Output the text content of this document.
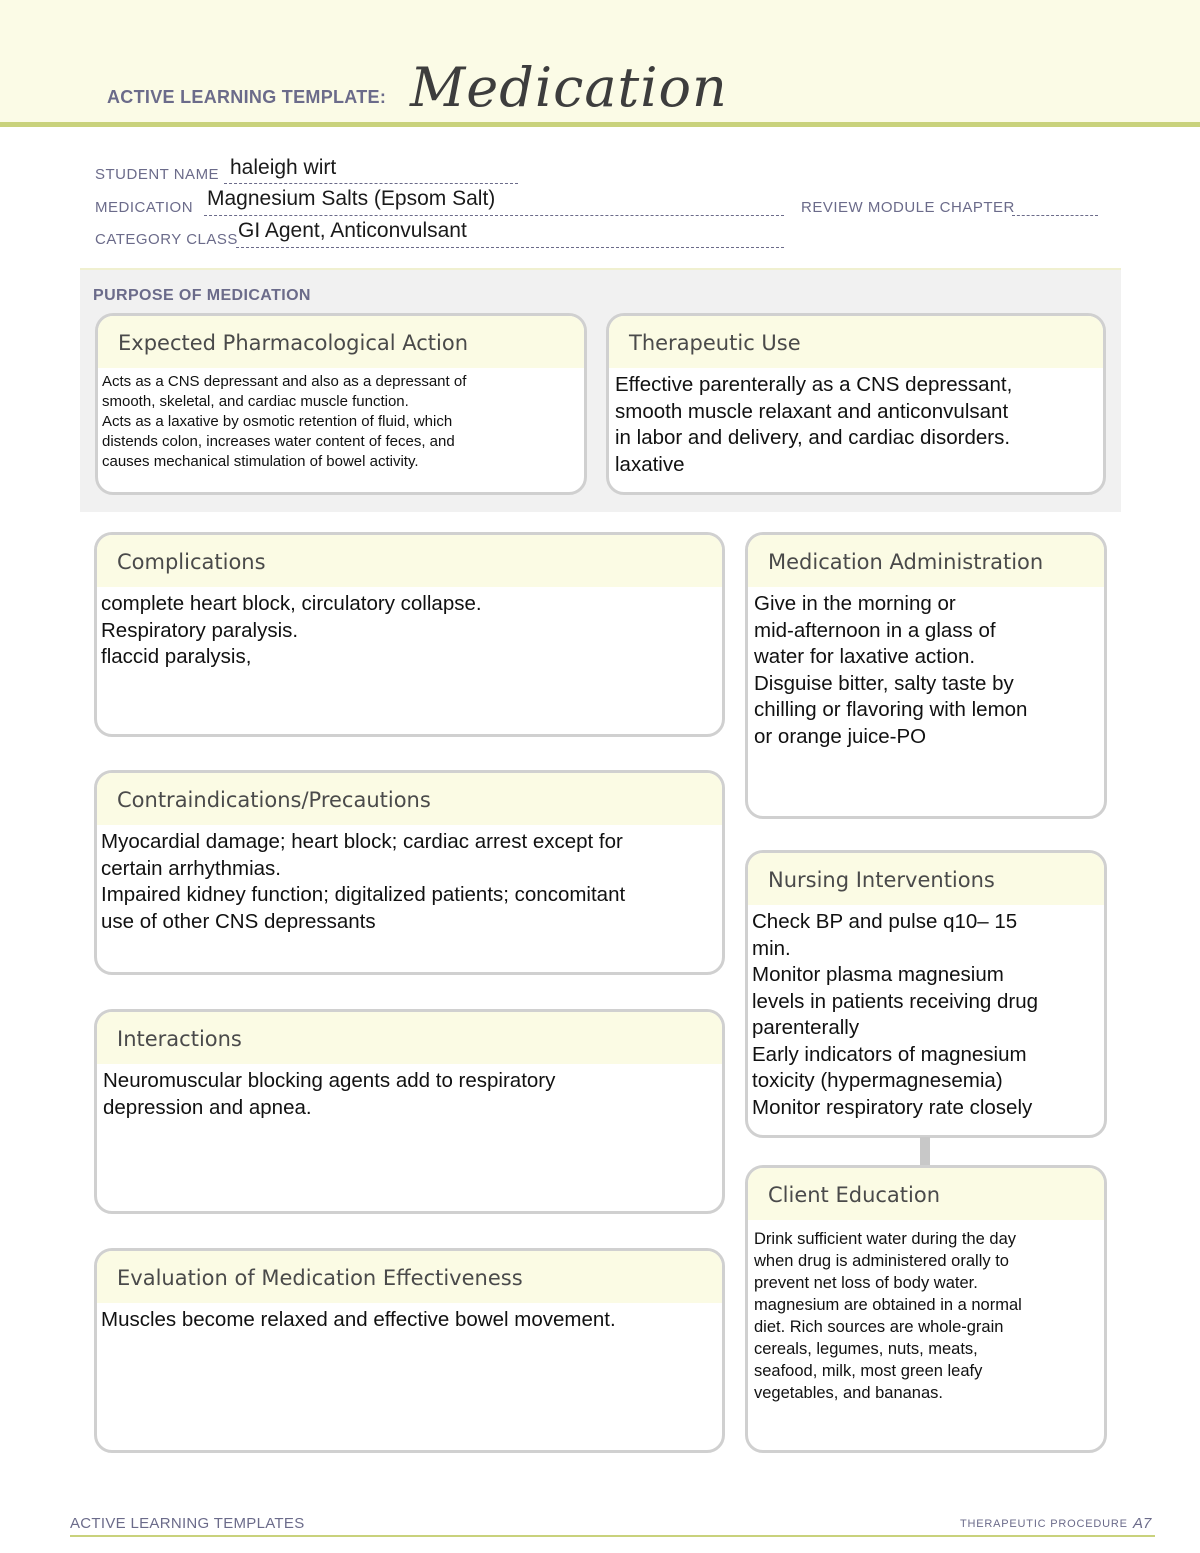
ACTIVE LEARNING TEMPLATE: Medication
STUDENT NAME haleigh wirt
MEDICATION Magnesium Salts (Epsom Salt)	REVIEW MODULE CHAPTER
CATEGORY CLASS GI Agent, Anticonvulsant
PURPOSE OF MEDICATION
Expected Pharmacological Action
Acts as a CNS depressant and also as a depressant of
smooth, skeletal, and cardiac muscle function.
Acts as a laxative by osmotic retention of fluid, which
distends colon, increases water content of feces, and
causes mechanical stimulation of bowel activity.
Therapeutic Use
Effective parenterally as a CNS depressant,
smooth muscle relaxant and anticonvulsant
in labor and delivery, and cardiac disorders.
laxative
Complications
complete heart block, circulatory collapse.
Respiratory paralysis.
flaccid paralysis,
Contraindications/Precautions
Myocardial damage; heart block; cardiac arrest except for
certain arrhythmias.
Impaired kidney function; digitalized patients; concomitant
use of other CNS depressants
Interactions
Neuromuscular blocking agents add to respiratory
depression and apnea.
Evaluation of Medication Effectiveness
Muscles become relaxed and effective bowel movement.
Medication Administration
Give in the morning or
mid-afternoon in a glass of
water for laxative action.
Disguise bitter, salty taste by
chilling or flavoring with lemon
or orange juice-PO
Nursing Interventions
Check BP and pulse q10– 15
min.
Monitor plasma magnesium
levels in patients receiving drug
parenterally
Early indicators of magnesium
toxicity (hypermagnesemia)
Monitor respiratory rate closely
Client Education
Drink sufficient water during the day
when drug is administered orally to
prevent net loss of body water.
magnesium are obtained in a normal
diet. Rich sources are whole-grain
cereals, legumes, nuts, meats,
seafood, milk, most green leafy
vegetables, and bananas.
ACTIVE LEARNING TEMPLATES	THERAPEUTIC PROCEDURE A7
